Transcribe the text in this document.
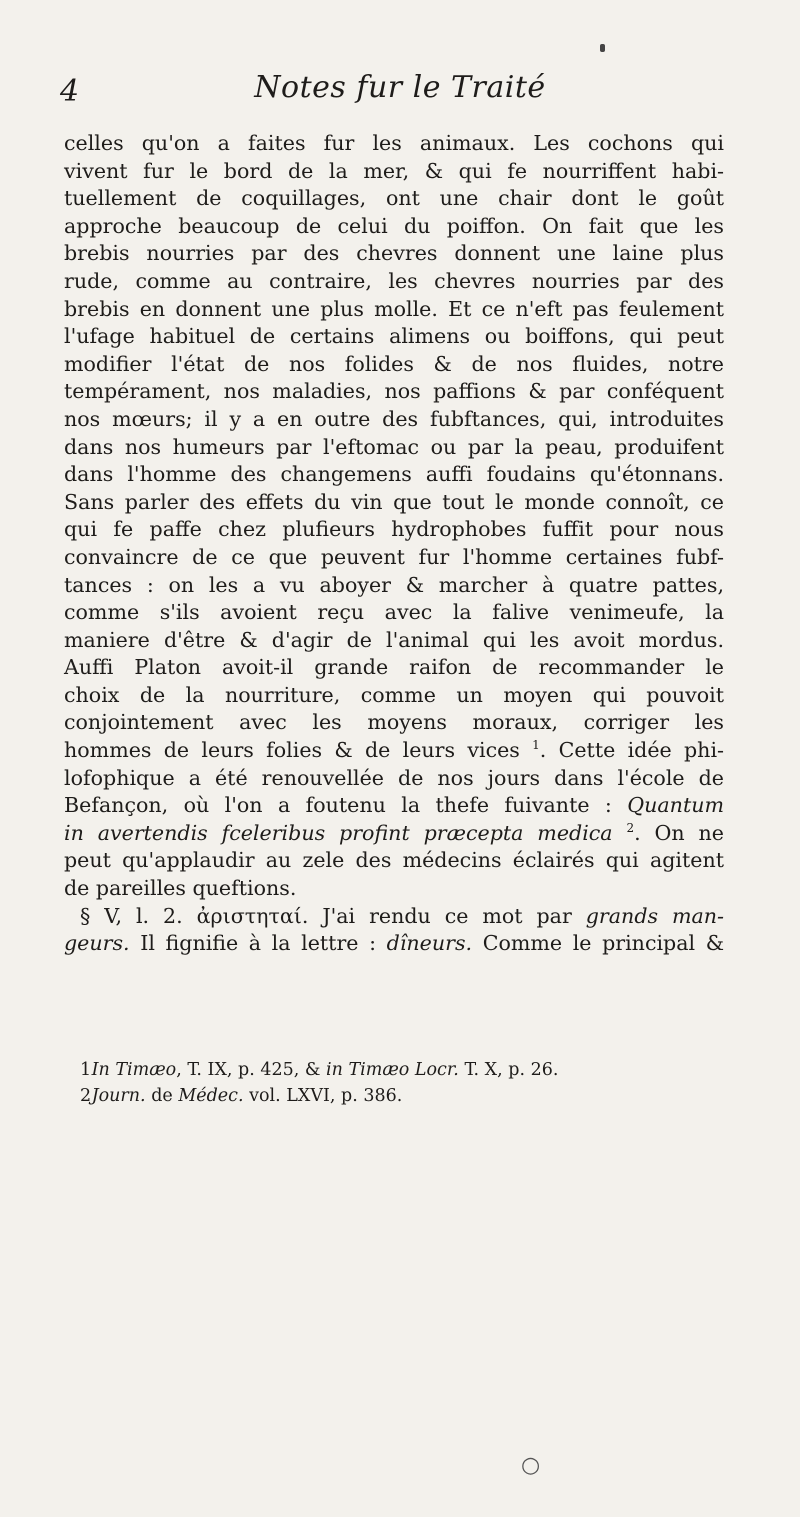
4	Notes fur le Traité
celles qu'on a faites fur les animaux. Les cochons qui
vivent fur le bord de la mer, & qui fe nourriffent habi-
tuellement de coquillages, ont une chair dont le goût
approche beaucoup de celui du poiffon. On fait que les
brebis nourries par des chevres donnent une laine plus
rude, comme au contraire, les chevres nourries par des
brebis en donnent une plus molle. Et ce n'eft pas feulement
l'ufage habituel de certains alimens ou boiffons, qui peut
modifier l'état de nos folides & de nos fluides, notre
tempérament, nos maladies, nos paffions & par conféquent
nos mœurs; il y a en outre des fubftances, qui, introduites
dans nos humeurs par l'eftomac ou par la peau, produifent
dans l'homme des changemens auffi foudains qu'étonnans.
Sans parler des effets du vin que tout le monde connoît, ce
qui fe paffe chez plufieurs hydrophobes fuffit pour nous
convaincre de ce que peuvent fur l'homme certaines fubf-
tances : on les a vu aboyer & marcher à quatre pattes,
comme s'ils avoient reçu avec la falive venimeufe, la
maniere d'être & d'agir de l'animal qui les avoit mordus.
Auffi Platon avoit-il grande raifon de recommander le
choix de la nourriture, comme un moyen qui pouvoit
conjointement avec les moyens moraux, corriger les
hommes de leurs folies & de leurs vices $^1$. Cette idée phi-
lofophique a été renouvellée de nos jours dans l'école de
Befançon, où l'on a foutenu la thefe fuivante : Quantum
in avertendis fceleribus profint præcepta medica $^2$. On ne
peut qu'applaudir au zele des médecins éclairés qui agitent
de pareilles queftions.
§ V, l. 2. ἀριστηταί. J'ai rendu ce mot par grands man-
geurs. Il fignifie à la lettre : dîneurs. Comme le principal &
1 In Timæo, T. IX, p. 425, & in Timæo Locr. T. X, p. 26.
2 Journ. de Médec. vol. LXVI, p. 386.
○
